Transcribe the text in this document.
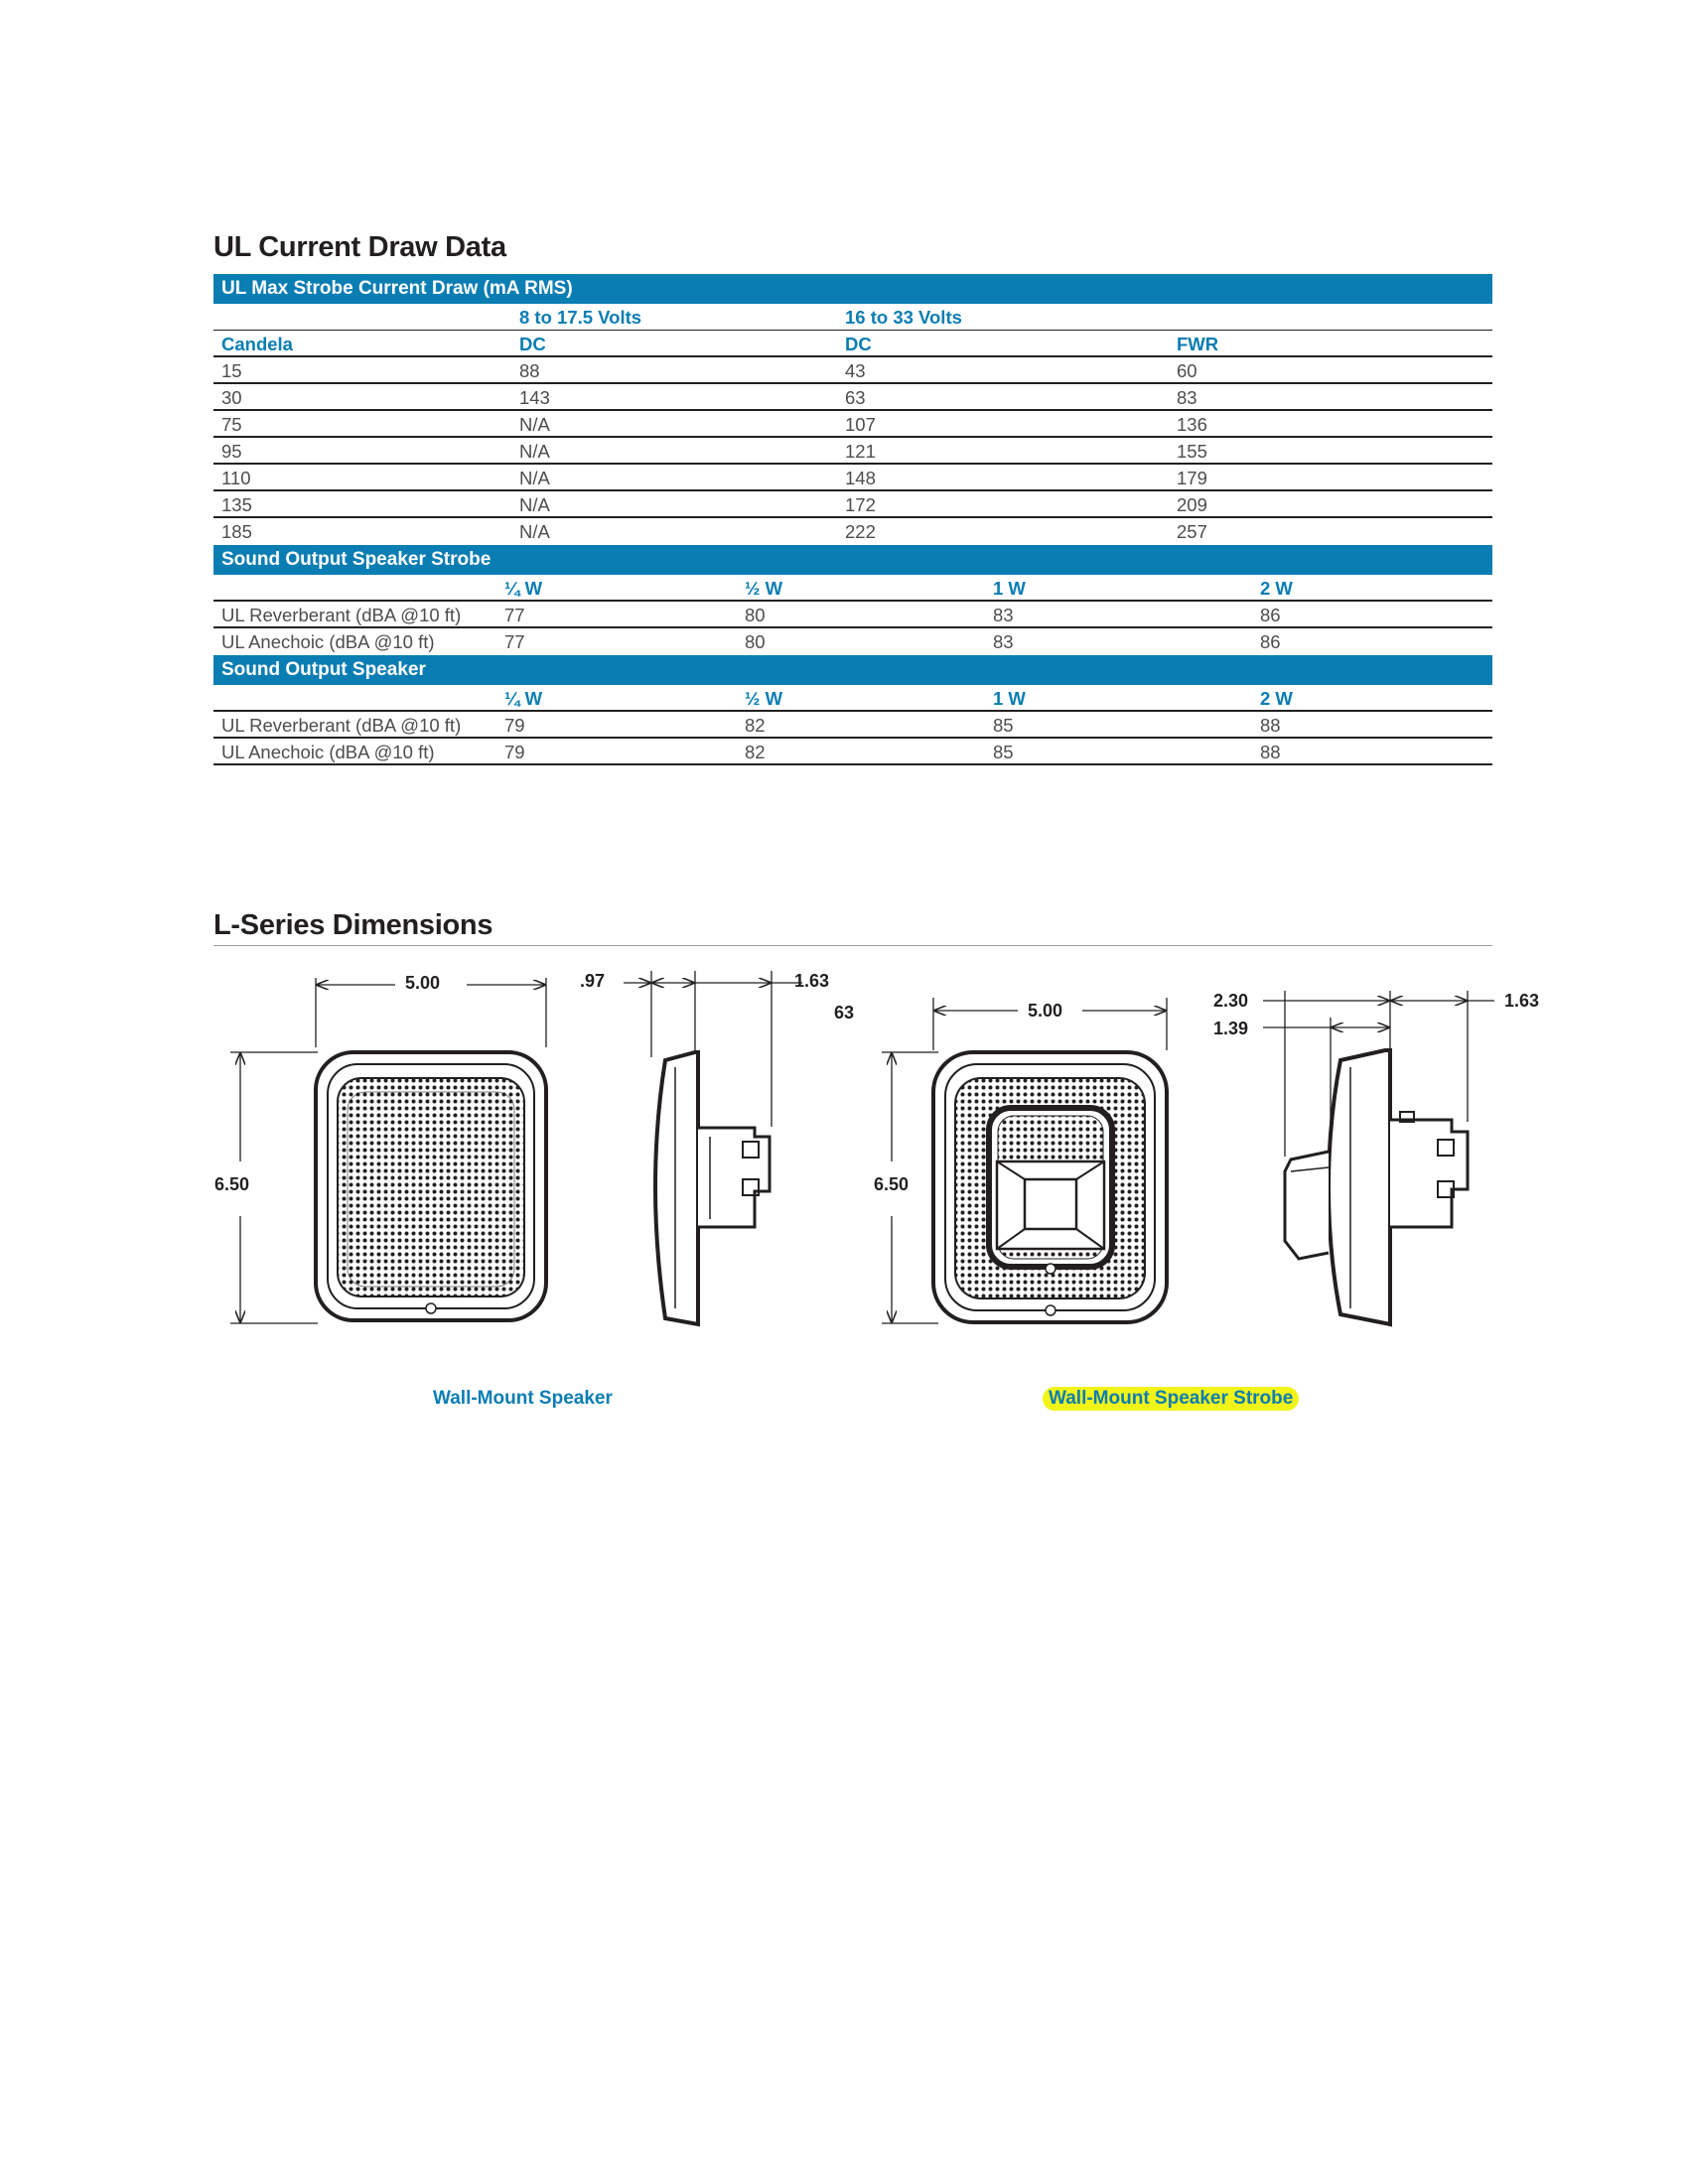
UL Current Draw Data
UL Max Strobe Current Draw (mA RMS)
8 to 17.5 Volts	16 to 33 Volts
Candela	DC	DC	FWR
15	88	43	60
30	143	63	83
75	N/A	107	136
95	N/A	121	155
110	N/A	148	179
135	N/A	172	209
185	N/A	222	257
Sound Output Speaker Strobe
¼ W	½ W	1 W	2 W
UL Reverberant (dBA @10 ft) 77	80	83	86
UL Anechoic (dBA @10 ft)	77	80	83	86
Sound Output Speaker
¼ W	½ W	1 W	2 W
UL Reverberant (dBA @10 ft) 79	82	85	88
UL Anechoic (dBA @10 ft)	79	82	85	88
L-Series Dimensions
5.00
6.50
.97	1.63
63	5.00
6.50
2.30
1.39
1.63
Wall-Mount Speaker	Wall-Mount Speaker Strobe
